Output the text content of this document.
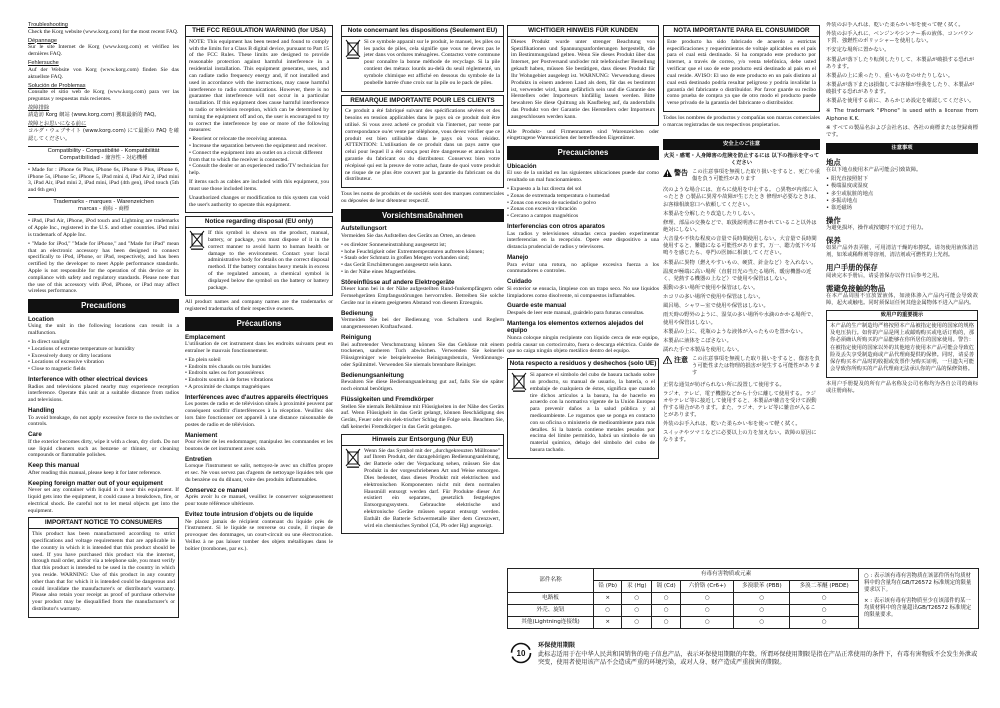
Troubleshooting

Check the Korg website (www.korg.com) for the most recent FAQ.

Dépannage

Sur le site Internet de Korg (www.korg.com) et vérifiez les dernières FAQ.

Fehlersuche

Auf der Website von Korg (www.korg.com) finden Sie das aktuellste FAQ.

Solución de Problemas

Consulte el sitio web de Korg (www.korg.com) para ver las preguntas y respuestas más recientes.

故障排除

請造訪 Korg 網站 (www.korg.com) 獲取最新的 FAQ。

故障とお思いになる前に

コルグ・ウェブサイト (www.korg.com) にて最新の FAQ を確認してください。

Compatibility - Compatibilité - Kompatibilität
Compatibilidad - 兼容性 - 対応機種

• Made for : iPhone 6s Plus, iPhone 6s, iPhone 6 Plus, iPhone 6, iPhone 5s, iPhone 5c, iPhone 5, iPad mini 4, iPad Air 2, iPad mini 3, iPad Air, iPad mini 2, iPad mini, iPad (4th gen), iPod touch (5th and 6th gen)

Trademarks - marques - Warenzeichen
marcas - 商标 - 商標

• iPad, iPad Air, iPhone, iPod touch and Lightning are trademarks of Apple Inc., registered in the U.S. and other countries. iPad mini is trademark of Apple Inc.

• "Made for iPod," "Made for iPhone," and "Made for iPad" mean that an electronic accessory has been designed to connect specifically to iPod, iPhone, or iPad, respectively, and has been certified by the developer to meet Apple performance standards. Apple is not responsible for the operation of this device or its compliance with safety and regulatory standards. Please note that the use of this accessory with iPod, iPhone, or iPad may affect wireless performance.

Precautions
Location

Using the unit in the following locations can result in a malfunction.

• In direct sunlight
• Locations of extreme temperature or humidity
• Excessively dusty or dirty locations
• Locations of excessive vibration
• Close to magnetic fields
Interference with other electrical devices

Radios and televisions placed nearby may experience reception interference. Operate this unit at a suitable distance from radios and televisions.

Handling

To avoid breakage, do not apply excessive force to the switches or controls.

Care

If the exterior becomes dirty, wipe it with a clean, dry cloth. Do not use liquid cleaners such as benzene or thinner, or cleaning compounds or flammable polishes.

Keep this manual

After reading this manual, please keep it for later reference.

Keeping foreign matter out of your equipment

Never set any container with liquid in it near this equipment. If liquid gets into the equipment, it could cause a breakdown, fire, or electrical shock. Be careful not to let metal objects get into the equipment.

IMPORTANT NOTICE TO CONSUMERS

This product has been manufactured according to strict specifications and voltage requirements that are applicable in the country in which it is intended that this product should be used. If you have purchased this product via the internet, through mail order, and/or via a telephone sale, you must verify that this product is intended to be used in the country in which you reside. WARNING: Use of this product in any country other than that for which it is intended could be dangerous and could invalidate the manufacturer's or distributor's warranty. Please also retain your receipt as proof of purchase otherwise your product may be disqualified from the manufacturer's or distributor's warranty.

THE FCC REGULATION WARNING (for USA)

NOTE: This equipment has been tested and found to comply with the limits for a Class B digital device, pursuant to Part 15 of the FCC Rules. These limits are designed to provide reasonable protection against harmful interference in a residential installation. This equipment generates, uses, and can radiate radio frequency energy and, if not installed and used in accordance with the instructions, may cause harmful interference to radio communications. However, there is no guarantee that interference will not occur in a particular installation. If this equipment does cause harmful interference to radio or television reception, which can be determined by turning the equipment off and on, the user is encouraged to try to correct the interference by one or more of the following measures:

• Reorient or relocate the receiving antenna.
• Increase the separation between the equipment and receiver.
• Connect the equipment into an outlet on a circuit different from that to which the receiver is connected.
• Consult the dealer or an experienced radio/TV technician for help.

If items such as cables are included with this equipment, you must use those included items.

Unauthorized changes or modification to this system can void the user's authority to operate this equipment.

Notice regarding disposal (EU only)

If this symbol is shown on the product, manual, battery, or package, you must dispose of it in the correct manner to avoid harm to human health or damage to the environment. Contact your local administrative body for details on the correct disposal method. If the battery contains heavy metals in excess of the regulated amount, a chemical symbol is displayed below the symbol on the battery or battery package.

All product names and company names are the trademarks or registered trademarks of their respective owners.

Précautions
Emplacement

L'utilisation de cet instrument dans les endroits suivants peut en entraîner le mauvais fonctionnement.

• En plein soleil
• Endroits très chauds ou très humides
• Endroits sales ou fort poussiéreux
• Endroits soumis à de fortes vibrations
• A proximité de champs magnétiques
Interférences avec d'autres appareils électriques

Les postes de radio et de télévision situés à proximité peuvent par conséquent souffrir d'interférences à la réception. Veuillez dès lors faire fonctionner cet appareil à une distance raisonnable de postes de radio et de télévision.

Maniement

Pour éviter de les endommager, manipulez les commandes et les boutons de cet instrument avec soin.

Entretien

Lorsque l'instrument se salit, nettoyez-le avec un chiffon propre et sec. Ne vous servez pas d'agents de nettoyage liquides tels que du benzène ou du diluant, voire des produits inflammables.

Conservez ce manuel

Après avoir lu ce manuel, veuillez le conserver soigneusement pour toute référence ultérieure.

Evitez toute intrusion d'objets ou de liquide

Ne placez jamais de récipient contenant du liquide près de l'instrument. Si le liquide se renverse ou coule, il risque de provoquer des dommages, un court-circuit ou une électrocution. Veillez à ne pas laisser tomber des objets métalliques dans le boîtier (trombones, par ex.).

Note concernant les dispositions (Seulement EU)

Si ce symbole apparait sur le produit, le manuel, les piles ou les packs de piles, cela signifie que vous ne devez pas le jeter dans vos ordures ménagères. Contactez votre commune pour connaître la bonne méthode de recyclage. Si la pile contient des métaux lourds au-delà du seuil réglementé, un symbole chimique est affiché en dessous du symbole de la poubelle barrée d'une croix sur la pile ou le pack de piles.

REMARQUE IMPORTANTE POUR LES CLIENTS

Ce produit a été fabriqué suivant des spécifications sévères et des besoins en tension applicables dans le pays où ce produit doit être utilisé. Si vous avez acheté ce produit via l'internet, par vente par correspondance ou/et vente par téléphone, vous devez vérifier que ce produit est bien utilisable dans le pays où vous résidez. ATTENTION: L'utilisation de ce produit dans un pays autre que celui pour lequel il a été conçu peut être dangereuse et annulera la garantie du fabricant ou du distributeur. Conservez bien votre récépissé qui est la preuve de votre achat, faute de quoi votre produit ne risque de ne plus être couvert par la garantie du fabricant ou du distributeur.

Tous les noms de produits et de sociétés sont des marques commerciales ou déposées de leur détenteur respectif.

Vorsichtsmaßnahmen
Aufstellungsort

Vermeiden Sie das Aufstellen des Geräts an Orten, an denen

• es direkter Sonneneinstrahlung ausgesetzt ist;
• hohe Feuchtigkeit oder Extremtemperaturen auftreten können;
• Staub oder Schmutz in großen Mengen vorhanden sind;
• das Gerät Erschütterungen ausgesetzt sein kann.
• in der Nähe eines Magnetfeldes.
Störeinflüsse auf andere Elektrogeräte

Dieser kann bei in der Nähe aufgestellten Rund-funkempfängern oder Fernsehgeräten Empfangsstörungen hervorrufen. Betreiben Sie solche Geräte nur in einem geeigneten Abstand von diesem Erzeugnis.

Bedienung

Vermeiden Sie bei der Bedienung von Schaltern und Reglern unangemessenen Kraftaufwand.

Reinigung

Bei auftretender Verschmutzung können Sie das Gehäuse mit einem trockenen, sauberen Tuch abwischen. Verwenden Sie keinerlei Flüssigreiniger wie beispielsweise Reinigungsbenzin, Verdünnungs- oder Spülmittel. Verwenden Sie niemals brennbare Reiniger.

Bedienungsanleitung

Bewahren Sie diese Bedienungsanleitung gut auf, falls Sie sie später noch einmal benötigen.

Flüssigkeiten und Fremdkörper

Stellen Sie niemals Behältnisse mit Flüssigkeiten in der Nähe des Geräts auf. Wenn Flüssigkeit in das Gerät gelangt, können Beschädigung des Geräts, Feuer oder ein elek-trischer Schlag die Folge sein. Beachten Sie, daß keinerlei Fremdkörper in das Gerät gelangen.

Hinweis zur Entsorgung (Nur EU)

Wenn Sie das Symbol mit der „durchgekreuzten Mülltonne" auf Ihrem Produkt, der dazugehörigen Bedienungsanleitung, der Batterie oder der Verpackung sehen, müssen Sie das Produkt in der vorgeschriebenen Art und Weise entsorgen. Dies bedeutet, dass dieses Produkt mit elektrischen und elektronischen Komponenten nicht mit dem normalen Hausmüll entsorgt werden darf. Für Produkte dieser Art existiert ein separates, gesetzlich festgelegtes Entsorgungssystem. Gebrauchte elektrische und elektronische Geräte müssen separat entsorgt werden. Enthält die Batterie Schwermetalle über dem Grenzwert, wird ein chemisches Symbol (Cd, Pb oder Hg) angezeigt.

WICHTIGER HINWEIS FÜR KUNDEN

Dieses Produkt wurde unter strenger Beachtung von Spezifikationen und Spannungsanforderungen hergestellt, die im Bestimmungsland gelten. Wenn Sie dieses Produkt über das Internet, per Postversand und/oder mit telefonischer Bestellung gekauft haben, müssen Sie bestätigen, dass dieses Produkt für Ihr Wohngebiet ausgelegt ist. WARNUNG: Verwendung dieses Produkts in einem anderen Land als dem, für das es bestimmt ist, verwendet wird, kann gefährlich sein und die Garantie des Herstellers oder Importeurs hinfällig lassen werden. Bitte bewahren Sie diese Quittung als Kaufbeleg auf, da andernfalls das Produkt von der Garantie des Herstellers oder Importeurs ausgeschlossen werden kann.

Alle Produkt- und Firmennamen sind Warenzeichen oder eingetragene Warenzeichen der betreffenden Eigentümer.

Precauciones
Ubicación

El uso de la unidad en las siguientes ubicaciones puede dar como resultado un mal funcionamiento.

• Expuesto a la luz directa del sol
• Zonas de extremada temperatura o humedad
• Zonas con exceso de suciedad o polvo
• Zonas con excesiva vibración
• Cercano a campos magnéticos
Interferencias con otros aparatos

Las radios y televisiones situadas cerca pueden experimentar interferencias en la recepción. Opere este dispositivo a una distancia prudencial de radios y televisores.

Manejo

Para evitar una rotura, no aplique excesiva fuerza a los conmutadores o controles.

Cuidado

Si exterior se ensucia, límpiese con un trapo seco. No use líquidos limpiadores como disolvente, ni compuestos inflamables.

Guarde este manual

Después de leer este manual, guárdelo para futuras consultas.

Mantenga los elementos externos alejados del equipo

Nunca coloque ningún recipiente con líquido cerca de este equipo, podría causar un cortocircuito, fuera o descarga eléctrica. Cuide de que no caiga ningún objeto metálico dentro del equipo.

Nota respecto a residuos y deshechos (solo UE)

Si aparece el símbolo del cubo de basura tachado sobre un producto, su manual de usuario, la batería, o el embalaje de cualquiera de éstos, significa que cuando tire dichos artículos a la basura, ha de hacerlo en acuerdo con la normativa vigente de la Unión Europea para prevenir daños a la salud pública y al medioambiente. Le rogamos que se ponga en contacto con su oficina o ministerio de medioambiente para más detalles. Si la batería contiene metales pesados por encima del límite permitido, habrá un símbolo de un material químico, debajo del símbolo del cubo de basura tachado.

NOTA IMPORTANTE PARA EL CONSUMIDOR

Este producto ha sido fabricado de acuerdo a estrictas especificaciones y requerimientos de voltaje aplicables en el país para el cual está destinado. Si ha comprado este producto por internet, a través de correo, y/o venta telefónica, debe usted verificar que el uso de este producto está destinado al país en el cual reside. AVISO: El uso de este producto en un país distinto al cual está destinado podría resultar peligroso y podría invalidar la garantía del fabricante o distribuidor. Por favor guarde su recibo como prueba de compra ya que de otro modo el producto puede verse privado de la garantía del fabricante o distribuidor.

Todos los nombres de productos y compañías son marcas comerciales o marcas registradas de sus respectivos propietarios.

安全上のご注意
火災・感電・人身障害の危険を防止するには 以下の指示を守ってください
警告 この注意事項を無視した取り扱いをすると、死亡や重傷を負う可能性があります

次のような場合には、直ちに使用を中止する。 ○異物が内部に入ったとき ○製品に異常や故障が生じたとき 修理が必要なときは、お客様相談窓口へ依頼してください。

本製品を分解したり改造したりしない。

修理、部品の交換などで、取扱説明書に書かれていること以外は絶対にしない。

大音量や不快な程度の音量で長時間使用しない。大音量で長時間使用すると、難聴になる可能性があります。万一、聴力低下や耳鳴りを感じたら、専門の医師に相談してください。

本製品に異物（燃えやすいもの、硬貨、針金など）を入れない。

温度が極端に高い場所（直射日光の当たる場所、暖房機器の近く、発熱する機器の上など）で使用や保管はしない。

振動の多い場所で使用や保管はしない。

ホコリの多い場所で使用や保管はしない。

風呂場、シャワー室で使用や保管はしない。

雨天時の野外のように、湿気の多い場所や水滴のかかる場所で、使用や保管はしない。

本製品の上に、花瓶のような液体が入ったものを置かない。

本製品に液体をこぼさない。

濡れた手で本製品を使用しない。

注意 この注意事項を無視した取り扱いをすると、傷害を負う可能性または物理的損害が発生する可能性があります

正常な通気が妨げられない所に設置して使用する。

ラジオ、テレビ、電子機器などから十分に離して使用する。ラジオやテレビ等に接近して使用すると、本製品が雑音を受けて誤動作する場合があります。また、ラジオ、テレビ等に雑音が入ることがあります。

外装のお手入れは、乾いた柔らかい布を使って軽く拭く。

スイッチやツマミなどに必要以上の力を加えない。故障の原因になります。

外装のお手入れは、乾いた柔らかい布を使って軽く拭く。

外装のお手入れに、ベンジンやシンナー系の液体、コンパウンド質、強燃性のポリッシャーを使用しない。

不安定な場所に置かない。

本製品が落下したり転倒したりして、本製品が破損する恐れがあります。

本製品の上に乗ったり、重いものをのせたりしない。

本製品が落下または損傷してお客様が怪我をしたり、本製品が破損する恐れがあります。

本製品を使用する前に、あらかじめ設定を確認してください。

※ The trademark "iPhone" is used with a license from Aiphone K.K.

※ すべての製品名および会社名は、各社の商標または登録商標です。

注意事项
地点

在以下地点使用本产品可能会引致故障。

• 阳光直接照射下
• 极端温度或湿度
• 多尘或肮脏的地点
• 多振动地点
• 靠近磁场
操作

为避免损坏，操作或按键时不宜过于用力。

保养

如果产品外表弄脏，可用清洁干燥的布擦拭。请勿使用液体清洁剂，如苯或稀释剂等溶剂，清洁剂或可燃性的上光剂。

用户手册的保存

阅读完本手册后，请妥善保存以作日后参考之用。

需避免接触的物品

在本产品周围不宜放置液体，如液体渗入产品内可能会导致故障，起火或触电。同时须保证任何其他金属物体不进入产品内。

致用户的重要提示

本产品的生产制造均严格按照本产品被指定使用的国家的规格及电压执行。如你的产品是网上或邮购购买或电话订购的，那你必须确认所购买的产品能够在你所居住的国家使用。警告：在被指定使用的国家以外的其他地方使用本产品可能会导致危险及丢失享受制造商或产品代理商提供的保修。同时，请妥善保存购买本产品时的收据或发票作为购买证明，一旦遗失可能会导致你所购买的产品代理商无法承认你的产品的保修资格。

本用户手册提及的所有产品名称及公司名称均为各自公司的商标或注册商标。

部件名称	有毒有害物质或元素						○ : 表示该有毒有害物质在该部件所有均质材料中的含量均在GB/T26572 标准规定的限量要求以下。
× : 表示该有毒有害物质至少在该部件的某一均质材料中的含量超出GB/T26572 标准规定的限量要求。

	铅 (Pb)	汞 (Hg)	镉 (Cd)	六价铬 (Cr6+)	多溴联苯 (PBB)	多溴二苯醚 (PBDE)	
电路板	×	○	○	○	○	○	
外壳、旋钮	○	○	○	○	○	○	
其他(Lightning连接线)	×	○	○	○	○	○	
10
环保使用期限
此标志适用于在中华人民共和国销售的电子信息产品，表示环保使用期限的年数。所谓环保使用期限是指在产品正常使用的条件下，有毒有害物质不会发生外泄或突变，使用者使用该产品不会造成严重的环境污染，或对人身、财产造成严重损害的期限。
